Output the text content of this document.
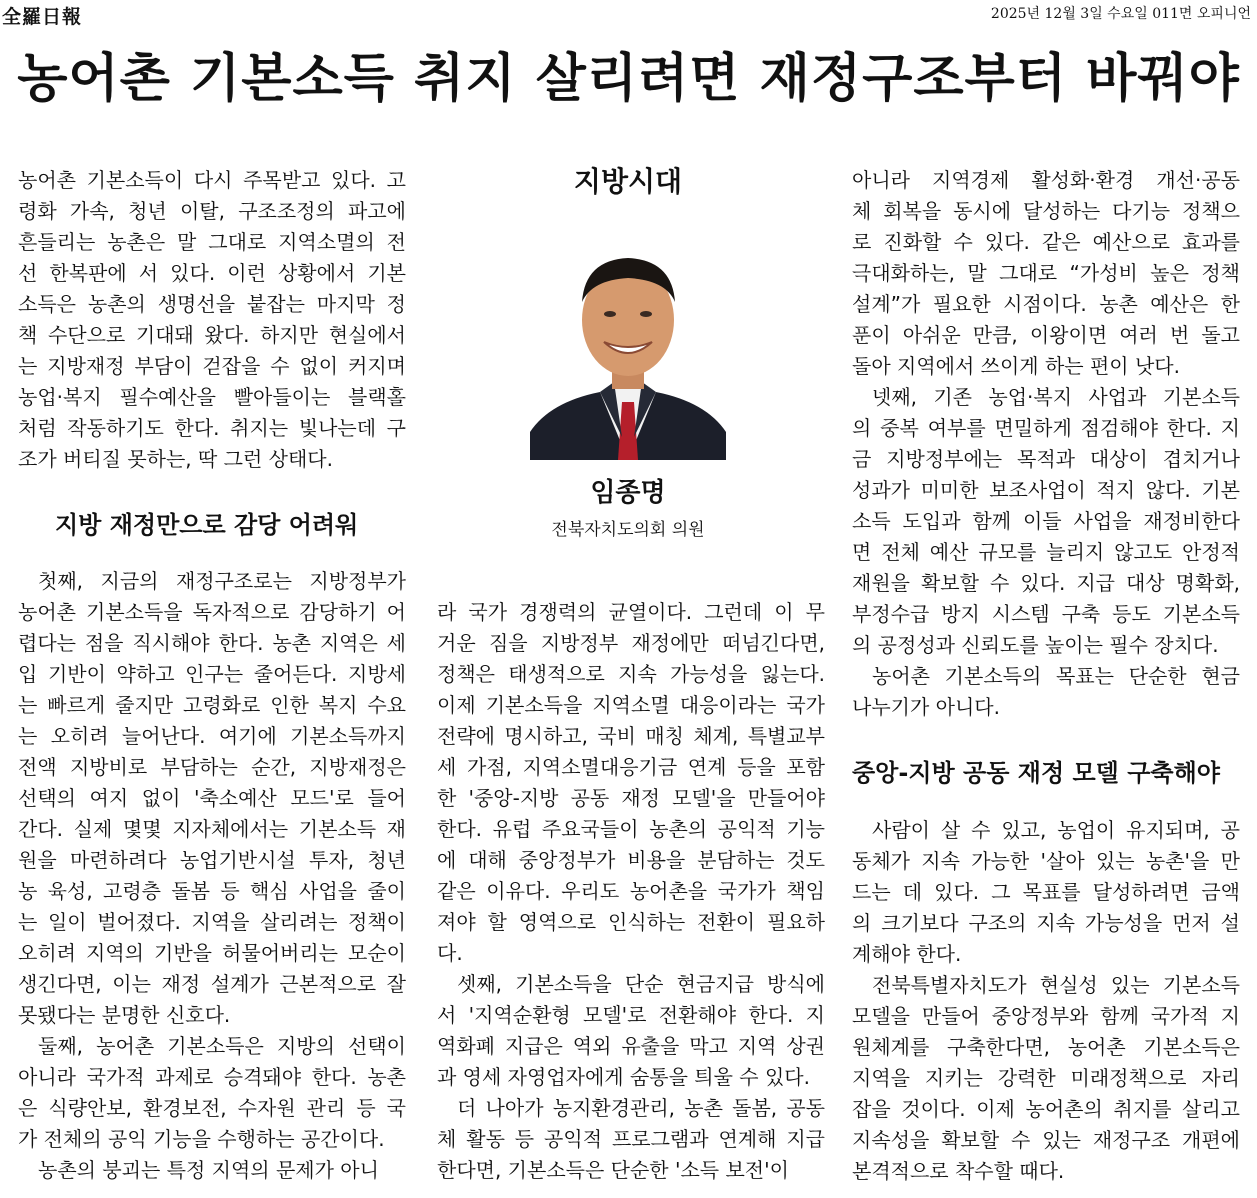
全羅日報	2025년 12월 3일 수요일 011면 오피니언
농어촌 기본소득 취지 살리려면 재정구조부터 바꿔야
농어촌 기본소득이 다시 주목받고 있다. 고
령화 가속, 청년 이탈, 구조조정의 파고에
흔들리는 농촌은 말 그대로 지역소멸의 전
선 한복판에 서 있다. 이런 상황에서 기본
소득은 농촌의 생명선을 붙잡는 마지막 정
책 수단으로 기대돼 왔다. 하지만 현실에서
는 지방재정 부담이 걷잡을 수 없이 커지며
농업·복지 필수예산을 빨아들이는 블랙홀
처럼 작동하기도 한다. 취지는 빛나는데 구
조가 버티질 못하는, 딱 그런 상태다.
지방 재정만으로 감당 어려워
첫째, 지금의 재정구조로는 지방정부가
농어촌 기본소득을 독자적으로 감당하기 어
렵다는 점을 직시해야 한다. 농촌 지역은 세
입 기반이 약하고 인구는 줄어든다. 지방세
는 빠르게 줄지만 고령화로 인한 복지 수요
는 오히려 늘어난다. 여기에 기본소득까지
전액 지방비로 부담하는 순간, 지방재정은
선택의 여지 없이 '축소예산 모드'로 들어
간다. 실제 몇몇 지자체에서는 기본소득 재
원을 마련하려다 농업기반시설 투자, 청년
농 육성, 고령층 돌봄 등 핵심 사업을 줄이
는 일이 벌어졌다. 지역을 살리려는 정책이
오히려 지역의 기반을 허물어버리는 모순이
생긴다면, 이는 재정 설계가 근본적으로 잘
못됐다는 분명한 신호다.
둘째, 농어촌 기본소득은 지방의 선택이
아니라 국가적 과제로 승격돼야 한다. 농촌
은 식량안보, 환경보전, 수자원 관리 등 국
가 전체의 공익 기능을 수행하는 공간이다.
농촌의 붕괴는 특정 지역의 문제가 아니
지방시대
임종명
전북자치도의회 의원
라 국가 경쟁력의 균열이다. 그런데 이 무
거운 짐을 지방정부 재정에만 떠넘긴다면,
정책은 태생적으로 지속 가능성을 잃는다.
이제 기본소득을 지역소멸 대응이라는 국가
전략에 명시하고, 국비 매칭 체계, 특별교부
세 가점, 지역소멸대응기금 연계 등을 포함
한 '중앙-지방 공동 재정 모델'을 만들어야
한다. 유럽 주요국들이 농촌의 공익적 기능
에 대해 중앙정부가 비용을 분담하는 것도
같은 이유다. 우리도 농어촌을 국가가 책임
져야 할 영역으로 인식하는 전환이 필요하
다.
셋째, 기본소득을 단순 현금지급 방식에
서 '지역순환형 모델'로 전환해야 한다. 지
역화폐 지급은 역외 유출을 막고 지역 상권
과 영세 자영업자에게 숨통을 틔울 수 있다.
더 나아가 농지환경관리, 농촌 돌봄, 공동
체 활동 등 공익적 프로그램과 연계해 지급
한다면, 기본소득은 단순한 '소득 보전'이
아니라 지역경제 활성화·환경 개선·공동
체 회복을 동시에 달성하는 다기능 정책으
로 진화할 수 있다. 같은 예산으로 효과를
극대화하는, 말 그대로 “가성비 높은 정책
설계”가 필요한 시점이다. 농촌 예산은 한
푼이 아쉬운 만큼, 이왕이면 여러 번 돌고
돌아 지역에서 쓰이게 하는 편이 낫다.
넷째, 기존 농업·복지 사업과 기본소득
의 중복 여부를 면밀하게 점검해야 한다. 지
금 지방정부에는 목적과 대상이 겹치거나
성과가 미미한 보조사업이 적지 않다. 기본
소득 도입과 함께 이들 사업을 재정비한다
면 전체 예산 규모를 늘리지 않고도 안정적
재원을 확보할 수 있다. 지급 대상 명확화,
부정수급 방지 시스템 구축 등도 기본소득
의 공정성과 신뢰도를 높이는 필수 장치다.
농어촌 기본소득의 목표는 단순한 현금
나누기가 아니다.
중앙-지방 공동 재정 모델 구축해야
사람이 살 수 있고, 농업이 유지되며, 공
동체가 지속 가능한 '살아 있는 농촌'을 만
드는 데 있다. 그 목표를 달성하려면 금액
의 크기보다 구조의 지속 가능성을 먼저 설
계해야 한다.
전북특별자치도가 현실성 있는 기본소득
모델을 만들어 중앙정부와 함께 국가적 지
원체계를 구축한다면, 농어촌 기본소득은
지역을 지키는 강력한 미래정책으로 자리
잡을 것이다. 이제 농어촌의 취지를 살리고
지속성을 확보할 수 있는 재정구조 개편에
본격적으로 착수할 때다.
